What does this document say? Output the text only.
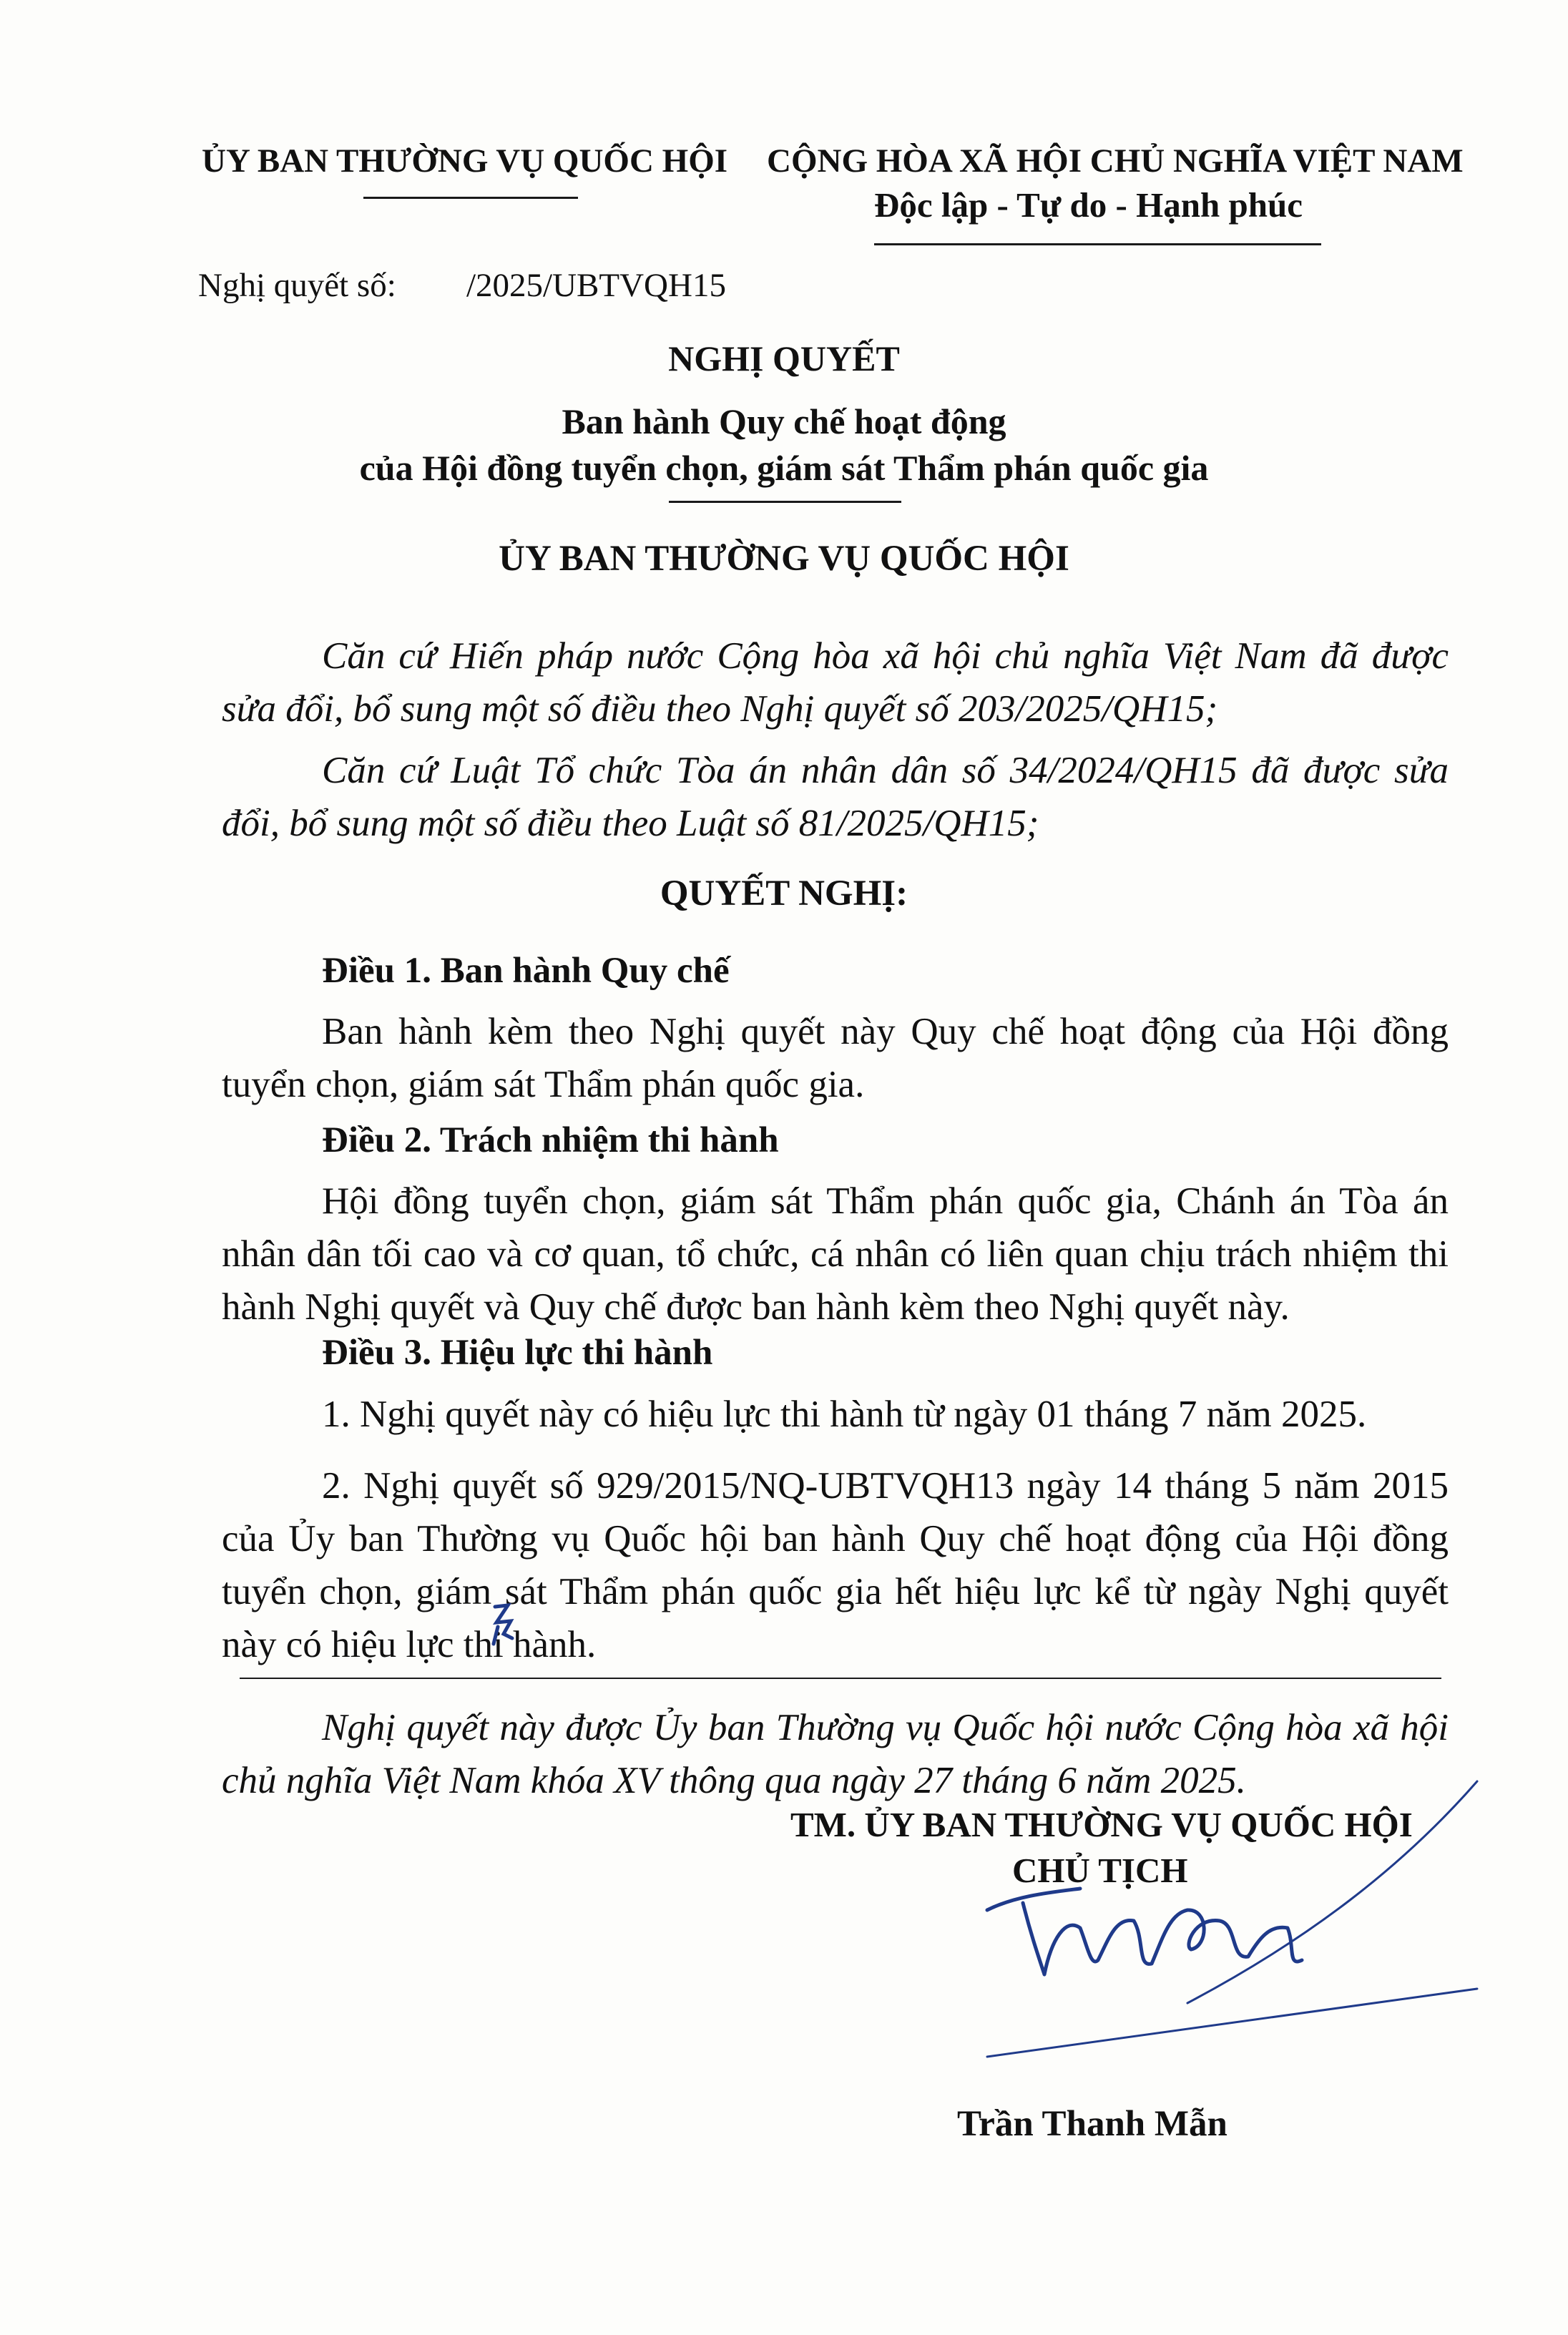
ỦY BAN THƯỜNG VỤ QUỐC HỘI CỘNG HÒA XÃ HỘI CHỦ NGHĨA VIỆT NAM
Độc lập - Tự do - Hạnh phúc
Nghị quyết số: /2025/UBTVQH15
NGHỊ QUYẾT
Ban hành Quy chế hoạt động
của Hội đồng tuyển chọn, giám sát Thẩm phán quốc gia
ỦY BAN THƯỜNG VỤ QUỐC HỘI
Căn cứ Hiến pháp nước Cộng hòa xã hội chủ nghĩa Việt Nam đã được sửa đổi, bổ sung một số điều theo Nghị quyết số 203/2025/QH15;
Căn cứ Luật Tổ chức Tòa án nhân dân số 34/2024/QH15 đã được sửa đổi, bổ sung một số điều theo Luật số 81/2025/QH15;
QUYẾT NGHỊ:
Điều 1. Ban hành Quy chế
Ban hành kèm theo Nghị quyết này Quy chế hoạt động của Hội đồng tuyển chọn, giám sát Thẩm phán quốc gia.
Điều 2. Trách nhiệm thi hành
Hội đồng tuyển chọn, giám sát Thẩm phán quốc gia, Chánh án Tòa án nhân dân tối cao và cơ quan, tổ chức, cá nhân có liên quan chịu trách nhiệm thi hành Nghị quyết và Quy chế được ban hành kèm theo Nghị quyết này.
Điều 3. Hiệu lực thi hành
1. Nghị quyết này có hiệu lực thi hành từ ngày 01 tháng 7 năm 2025.
2. Nghị quyết số 929/2015/NQ-UBTVQH13 ngày 14 tháng 5 năm 2015 của Ủy ban Thường vụ Quốc hội ban hành Quy chế hoạt động của Hội đồng tuyển chọn, giám sát Thẩm phán quốc gia hết hiệu lực kể từ ngày Nghị quyết này có hiệu lực thi hành.
Nghị quyết này được Ủy ban Thường vụ Quốc hội nước Cộng hòa xã hội chủ nghĩa Việt Nam khóa XV thông qua ngày 27 tháng 6 năm 2025.
TM. ỦY BAN THƯỜNG VỤ QUỐC HỘI
CHỦ TỊCH
Trần Thanh Mẫn
